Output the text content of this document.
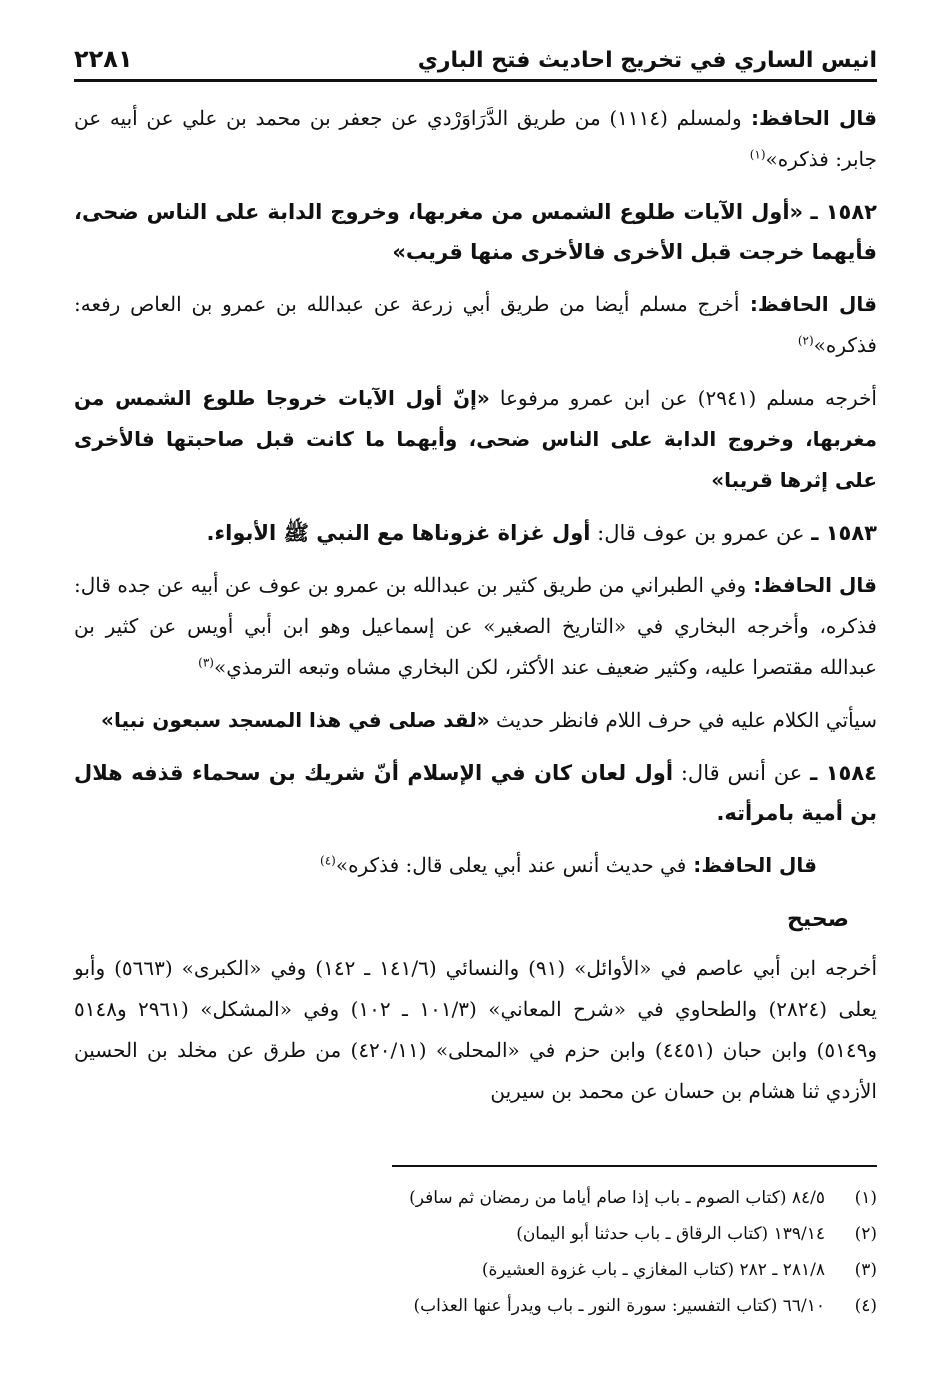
انيس الساري في تخريج احاديث فتح الباري
٢٢٨١

قال الحافظ:ولمسلم (١١١٤) من طريق الدَّرَاوَرْدي عن جعفر بن محمد بن علي عن أبيه عن جابر: فذكره»$^{(١)}$

١٥٨٢ ـ «أول الآيات طلوع الشمس من مغربها، وخروج الدابة على الناس ضحى، فأيهما خرجت قبل الأخرى فالأخرى منها قريب»

قال الحافظ:أخرج مسلم أيضا من طريق أبي زرعة عن عبدالله بن عمرو بن العاص رفعه: فذكره»$^{(٢)}$

أخرجه مسلم (٢٩٤١) عن ابن عمرو مرفوعا «إنّ أول الآيات خروجا طلوع الشمس من مغربها، وخروج الدابة على الناس ضحى، وأيهما ما كانت قبل صاحبتها فالأخرى على إثرها قريبا»

١٥٨٣ ـ عن عمرو بن عوف قال: أول غزاة غزوناها مع النبي ﷺ الأبواء.

قال الحافظ:وفي الطبراني من طريق كثير بن عبدالله بن عمرو بن عوف عن أبيه عن جده قال: فذكره، وأخرجه البخاري في «التاريخ الصغير» عن إسماعيل وهو ابن أبي أويس عن كثير بن عبدالله مقتصرا عليه، وكثير ضعيف عند الأكثر، لكن البخاري مشاه وتبعه الترمذي»$^{(٣)}$

سيأتي الكلام عليه في حرف اللام فانظر حديث «لقد صلى في هذا المسجد سبعون نبيا»

١٥٨٤ ـ عن أنس قال: أول لعان كان في الإسلام أنّ شريك بن سحماء قذفه هلال بن أمية بامرأته.

قال الحافظ:في حديث أنس عند أبي يعلى قال: فذكره»$^{(٤)}$

صحيح

أخرجه ابن أبي عاصم في «الأوائل» (٩١) والنسائي (١٤١/٦ ـ ١٤٢) وفي «الكبرى» (٥٦٦٣) وأبو يعلى (٢٨٢٤) والطحاوي في «شرح المعاني» (١٠١/٣ ـ ١٠٢) وفي «المشكل» (٢٩٦١ و٥١٤٨ و٥١٤٩) وابن حبان (٤٤٥١) وابن حزم في «المحلى» (٤٢٠/١١) من طرق عن مخلد بن الحسين الأزدي ثنا هشام بن حسان عن محمد بن سيرين

(١)
٨٤/٥ (كتاب الصوم ـ باب إذا صام أياما من رمضان ثم سافر)
(٢)
١٣٩/١٤ (كتاب الرقاق ـ باب حدثنا أبو اليمان)
(٣)
٢٨١/٨ ـ ٢٨٢ (كتاب المغازي ـ باب غزوة العشيرة)
(٤)
٦٦/١٠ (كتاب التفسير: سورة النور ـ باب ويدرأ عنها العذاب)
